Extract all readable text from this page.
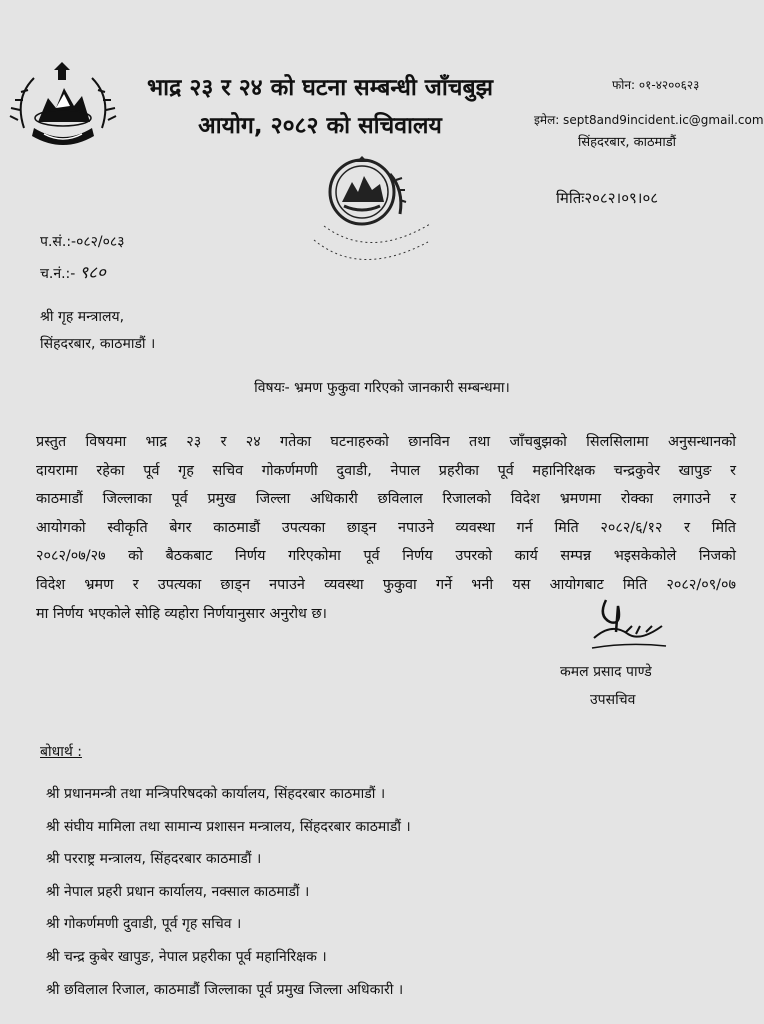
भाद्र २३ र २४ को घटना सम्बन्धी जाँचबुझ
आयोग, २०८२ को सचिवालय
फोन: ०१-४२००६२३
इमेल: sept8and9incident.ic@gmail.com
सिंहदरबार, काठमाडौं
मितिः२०८२।०९।०८
प.सं.:-०८२/०८३
च.नं.:- ९८०
श्री गृह मन्त्रालय,
सिंहदरबार, काठमाडौं ।
विषयः- भ्रमण फुकुवा गरिएको जानकारी सम्बन्धमा।
प्रस्तुत विषयमा भाद्र २३ र २४ गतेका घटनाहरुको छानविन तथा जाँचबुझको सिलसिलामा अनुसन्धानको
दायरामा रहेका पूर्व गृह सचिव गोकर्णमणी दुवाडी, नेपाल प्रहरीका पूर्व महानिरिक्षक चन्द्रकुवेर खापुङ र
काठमाडौं जिल्लाका पूर्व प्रमुख जिल्ला अधिकारी छविलाल रिजालको विदेश भ्रमणमा रोक्का लगाउने र
आयोगको स्वीकृति बेगर काठमाडौं उपत्यका छाड्न नपाउने व्यवस्था गर्न मिति २०८२/६/१२ र मिति
२०८२/०७/२७ को बैठकबाट निर्णय गरिएकोमा पूर्व निर्णय उपरको कार्य सम्पन्न भइसकेकोले निजको
विदेश भ्रमण र उपत्यका छाड्न नपाउने व्यवस्था फुकुवा गर्ने भनी यस आयोगबाट मिति २०८२/०९/०७
मा निर्णय भएकोले सोहि व्यहोरा निर्णयानुसार अनुरोध छ।
कमल प्रसाद पाण्डे
उपसचिव
बोधार्थ :
श्री प्रधानमन्त्री तथा मन्त्रिपरिषदको कार्यालय, सिंहदरबार काठमाडौं ।
श्री संघीय मामिला तथा सामान्य प्रशासन मन्त्रालय, सिंहदरबार काठमाडौं ।
श्री परराष्ट्र मन्त्रालय, सिंहदरबार काठमाडौं ।
श्री नेपाल प्रहरी प्रधान कार्यालय, नक्साल काठमाडौं ।
श्री गोकर्णमणी दुवाडी, पूर्व गृह सचिव ।
श्री चन्द्र कुबेर खापुङ, नेपाल प्रहरीका पूर्व महानिरिक्षक ।
श्री छविलाल रिजाल, काठमाडौं जिल्लाका पूर्व प्रमुख जिल्ला अधिकारी ।
